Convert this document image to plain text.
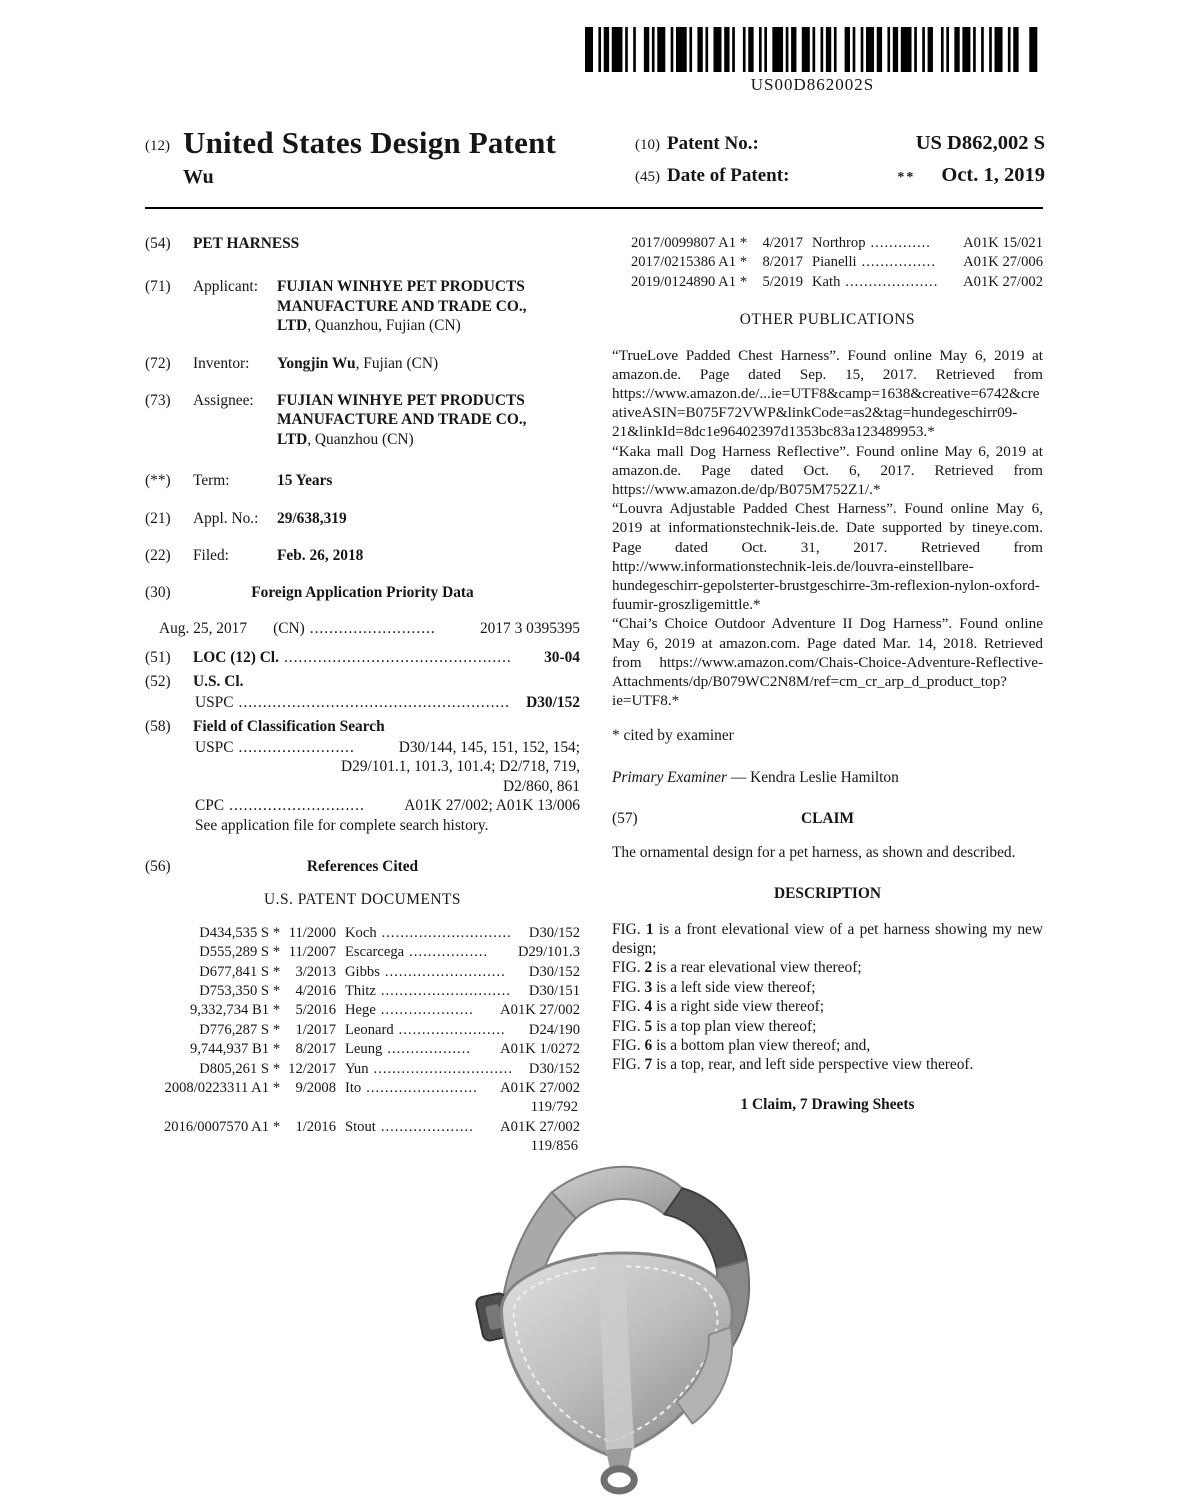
US00D862002S
(12) United States Design Patent
Wu
(10) Patent No.:	US D862,002 S
(45) Date of Patent:	** Oct. 1, 2019
(54)	PET HARNESS
(71)	Applicant:	FUJIAN WINHYE PET PRODUCTS
MANUFACTURE AND TRADE CO.,
LTD, Quanzhou, Fujian (CN)
(72)	Inventor:	Yongjin Wu, Fujian (CN)
(73)	Assignee:	FUJIAN WINHYE PET PRODUCTS
MANUFACTURE AND TRADE CO.,
LTD, Quanzhou (CN)
(**)	Term:	15 Years
(21)	Appl. No.:	29/638,319
(22)	Filed:	Feb. 26, 2018
(30)	Foreign Application Priority Data
Aug. 25, 2017 (CN) ..........................	2017 3 0395395
(51)	LOC (12) Cl. ...............................................	30-04
(52)	U.S. Cl.
USPC ........................................................	D30/152
(58)	Field of Classification Search
USPC ........................	D30/144, 145, 151, 152, 154;
D29/101.1, 101.3, 101.4; D2/718, 719,
D2/860, 861
CPC ............................	A01K 27/002; A01K 13/006
See application file for complete search history.
(56)	References Cited
U.S. PATENT DOCUMENTS
D434,535 S * 11/2000 Koch ............................	D30/152
D555,289 S * 11/2007 Escarcega .................	D29/101.3
D677,841 S *	3/2013 Gibbs ..........................	D30/152
D753,350 S *	4/2016 Thitz ............................	D30/151
9,332,734 B1 *	5/2016 Hege ....................	A01K 27/002
D776,287 S *	1/2017 Leonard .......................	D24/190
9,744,937 B1 *	8/2017 Leung ..................	A01K 1/0272
D805,261 S * 12/2017 Yun ..............................	D30/152
2008/0223311 A1 *	9/2008 Ito ........................	A01K 27/002
119/792
2016/0007570 A1 *	1/2016 Stout ....................	A01K 27/002
119/856
2017/0099807 A1 *	4/2017 Northrop .............	A01K 15/021
2017/0215386 A1 *	8/2017 Pianelli ................	A01K 27/006
2019/0124890 A1 *	5/2019 Kath ....................	A01K 27/002
OTHER PUBLICATIONS

“TrueLove Padded Chest Harness”. Found online May 6, 2019 at amazon.de. Page dated Sep. 15, 2017. Retrieved from https://www.amazon.de/...ie=UTF8&camp=1638&creative=6742&creativeASIN=B075F72VWP&linkCode=as2&tag=hundegeschirr09-21&linkId=8dc1e96402397d1353bc83a123489953.*

“Kaka mall Dog Harness Reflective”. Found online May 6, 2019 at amazon.de. Page dated Oct. 6, 2017. Retrieved from https://www.amazon.de/dp/B075M752Z1/.*

“Louvra Adjustable Padded Chest Harness”. Found online May 6, 2019 at informationstechnik-leis.de. Date supported by tineye.com. Page dated Oct. 31, 2017. Retrieved from http://www.informationstechnik-leis.de/louvra-einstellbare-hundegeschirr-gepolsterter-brustgeschirre-3m-reflexion-nylon-oxford-fuumir-groszligemittle.*

“Chai’s Choice Outdoor Adventure II Dog Harness”. Found online May 6, 2019 at amazon.com. Page dated Mar. 14, 2018. Retrieved from https://www.amazon.com/Chais-Choice-Adventure-Reflective-Attachments/dp/B079WC2N8M/ref=cm_cr_arp_d_product_top?ie=UTF8.*

* cited by examiner
Primary Examiner — Kendra Leslie Hamilton
(57)	CLAIM

The ornamental design for a pet harness, as shown and described.

DESCRIPTION

FIG. 1 is a front elevational view of a pet harness showing my new design;

FIG. 2 is a rear elevational view thereof;

FIG. 3 is a left side view thereof;

FIG. 4 is a right side view thereof;

FIG. 5 is a top plan view thereof;

FIG. 6 is a bottom plan view thereof; and,

FIG. 7 is a top, rear, and left side perspective view thereof.

1 Claim, 7 Drawing Sheets
